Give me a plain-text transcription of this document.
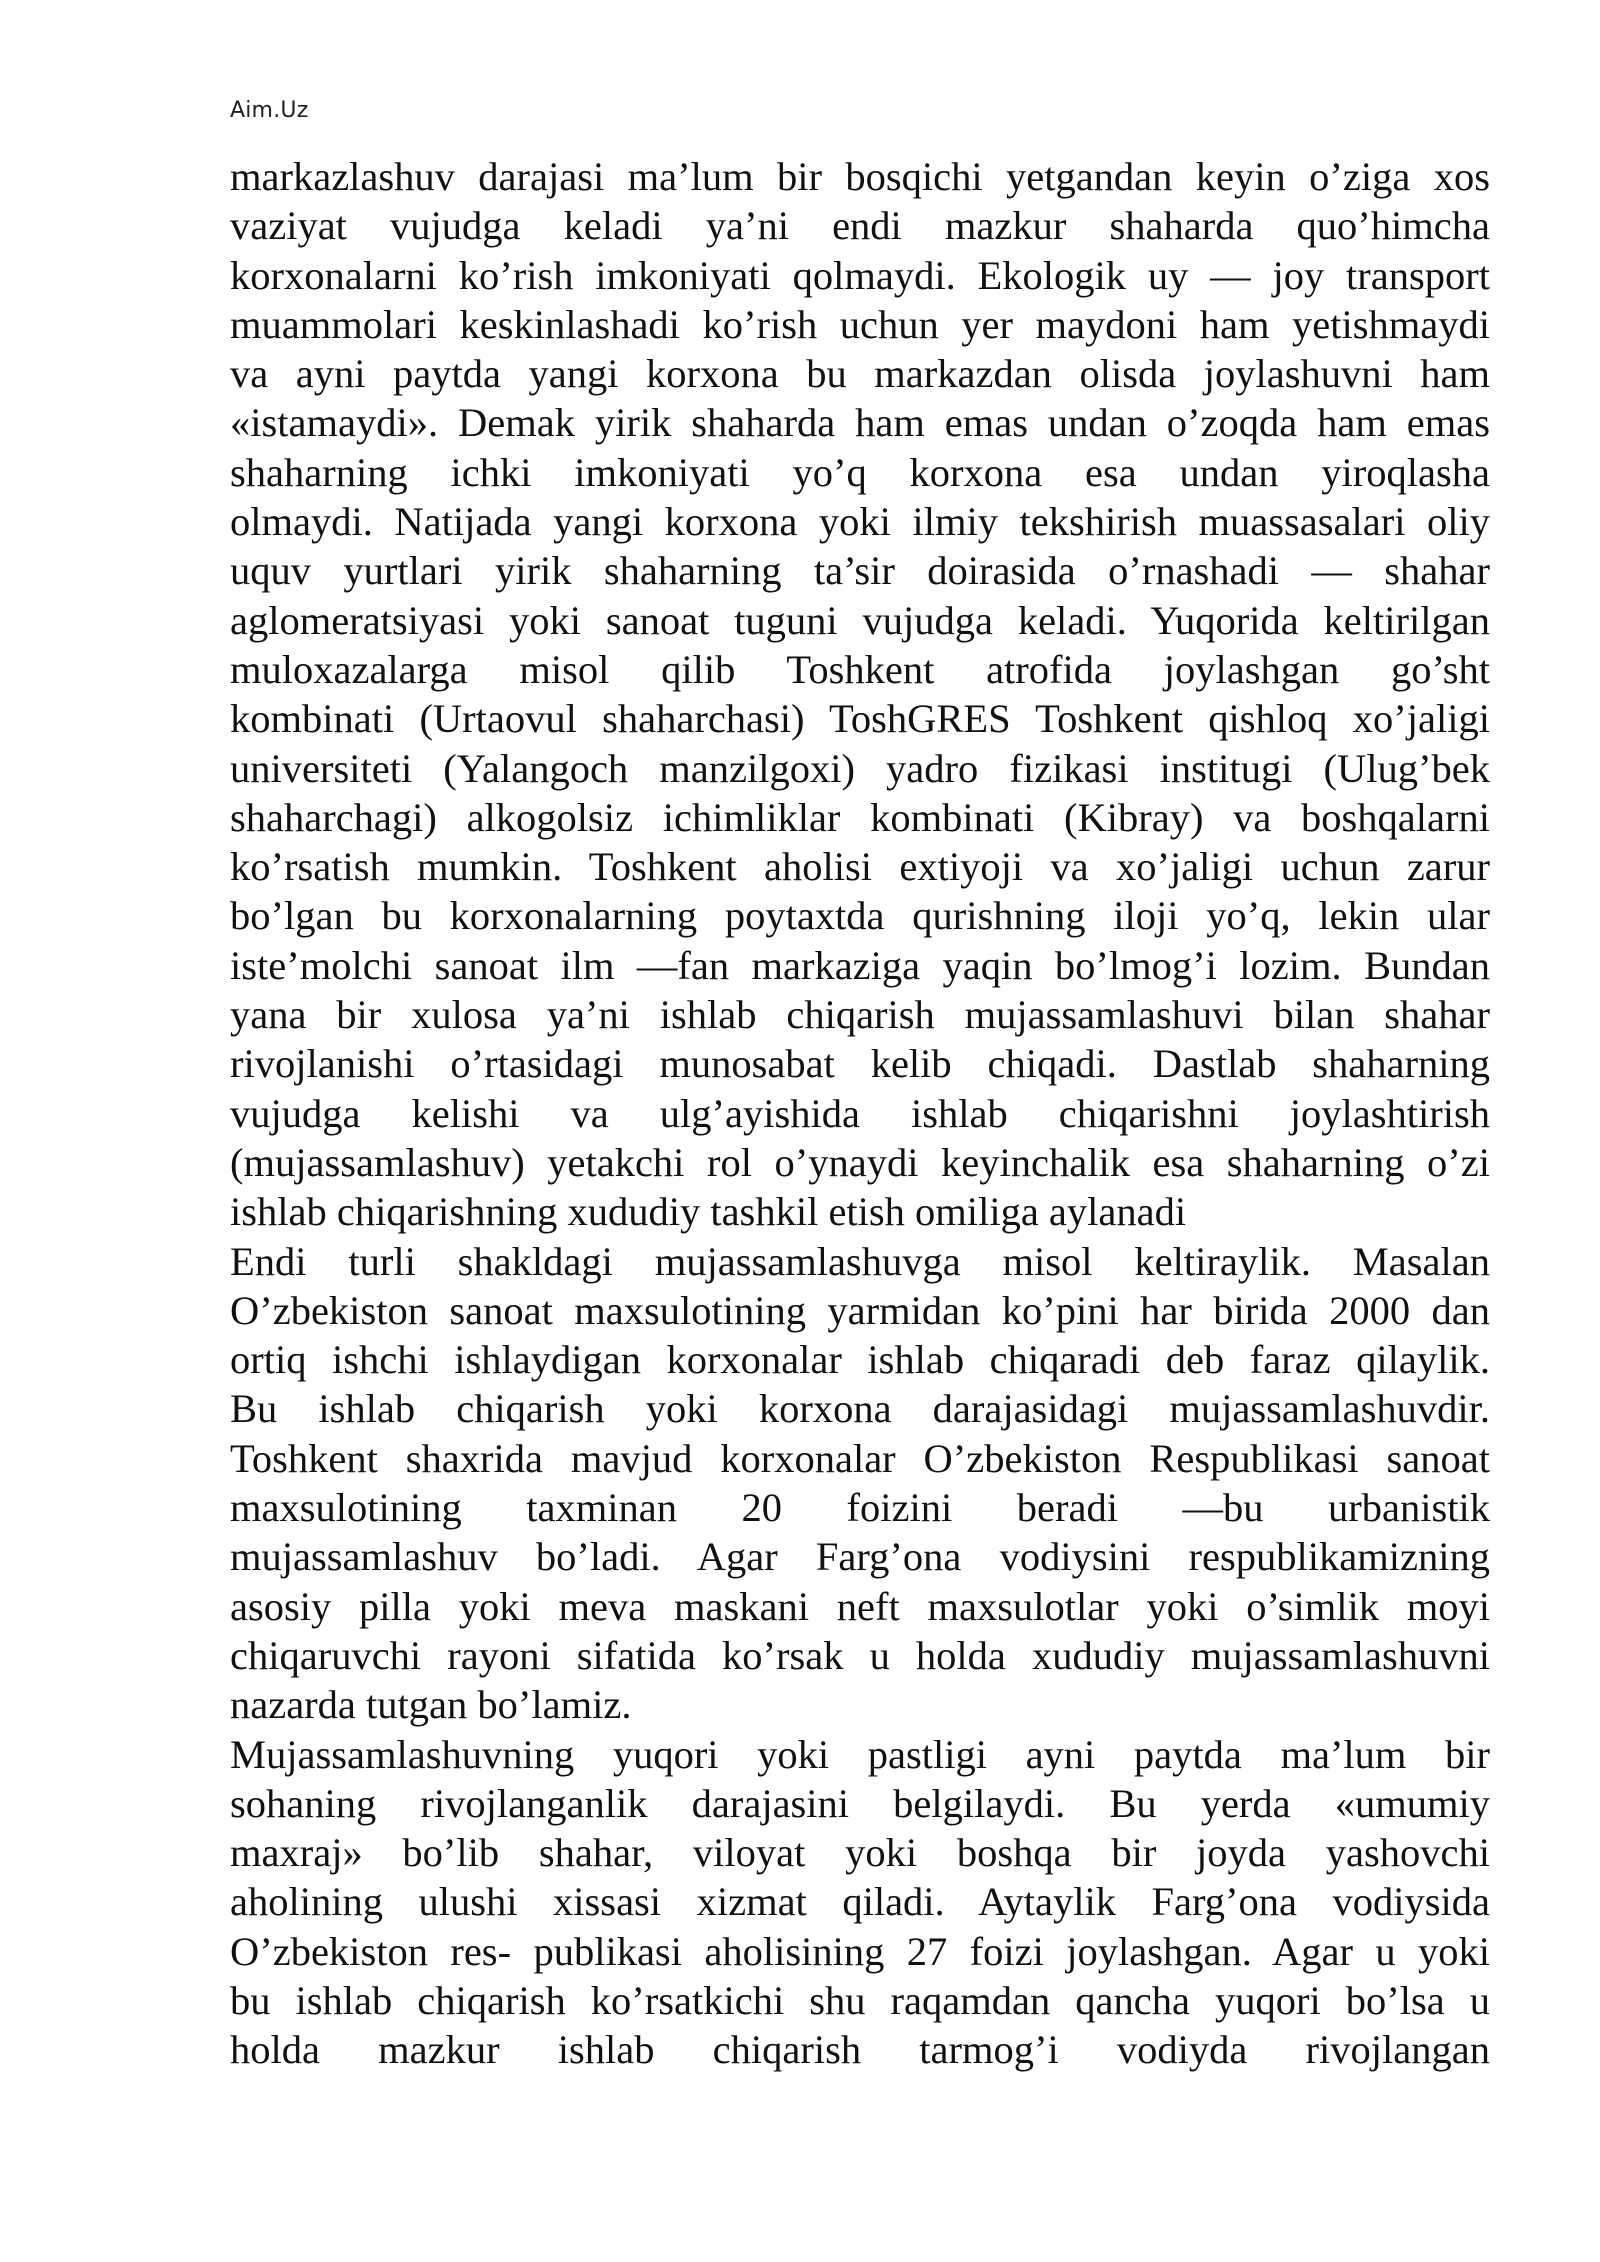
Aim.Uz
markazlashuv darajasi ma’lum bir bosqichi yetgandan keyin o’ziga xos
vaziyat vujudga keladi ya’ni endi mazkur shaharda quo’himcha
korxonalarni ko’rish imkoniyati qolmaydi. Ekologik uy — joy transport
muammolari keskinlashadi ko’rish uchun yer maydoni ham yetishmaydi
va ayni paytda yangi korxona bu markazdan olisda joylashuvni ham
«istamaydi». Demak yirik shaharda ham emas undan o’zoqda ham emas
shaharning ichki imkoniyati yo’q korxona esa undan yiroqlasha
olmaydi. Natijada yangi korxona yoki ilmiy tekshirish muassasalari oliy
uquv yurtlari yirik shaharning ta’sir doirasida o’rnashadi — shahar
aglomeratsiyasi yoki sanoat tuguni vujudga keladi. Yuqorida keltirilgan
muloxazalarga misol qilib Toshkent atrofida joylashgan go’sht
kombinati (Urtaovul shaharchasi) ToshGRES Toshkent qishloq xo’jaligi
universiteti (Yalangoch manzilgoxi) yadro fizikasi institugi (Ulug’bek
shaharchagi) alkogolsiz ichimliklar kombinati (Kibray) va boshqalarni
ko’rsatish mumkin. Toshkent aholisi extiyoji va xo’jaligi uchun zarur
bo’lgan bu korxonalarning poytaxtda qurishning iloji yo’q, lekin ular
iste’molchi sanoat ilm —fan markaziga yaqin bo’lmog’i lozim. Bundan
yana bir xulosa ya’ni ishlab chiqarish mujassamlashuvi bilan shahar
rivojlanishi o’rtasidagi munosabat kelib chiqadi. Dastlab shaharning
vujudga kelishi va ulg’ayishida ishlab chiqarishni joylashtirish
(mujassamlashuv) yetakchi rol o’ynaydi keyinchalik esa shaharning o’zi
ishlab chiqarishning xududiy tashkil etish omiliga aylanadi
Endi turli shakldagi mujassamlashuvga misol keltiraylik. Masalan
O’zbekiston sanoat maxsulotining yarmidan ko’pini har birida 2000 dan
ortiq ishchi ishlaydigan korxonalar ishlab chiqaradi deb faraz qilaylik.
Bu ishlab chiqarish yoki korxona darajasidagi mujassamlashuvdir.
Toshkent shaxrida mavjud korxonalar O’zbekiston Respublikasi sanoat
maxsulotining taxminan 20 foizini beradi —bu urbanistik
mujassamlashuv bo’ladi. Agar Farg’ona vodiysini respublikamizning
asosiy pilla yoki meva maskani neft maxsulotlar yoki o’simlik moyi
chiqaruvchi rayoni sifatida ko’rsak u holda xududiy mujassamlashuvni
nazarda tutgan bo’lamiz.
Mujassamlashuvning yuqori yoki pastligi ayni paytda ma’lum bir
sohaning rivojlanganlik darajasini belgilaydi. Bu yerda «umumiy
maxraj» bo’lib shahar, viloyat yoki boshqa bir joyda yashovchi
aholining ulushi xissasi xizmat qiladi. Aytaylik Farg’ona vodiysida
O’zbekiston res- publikasi aholisining 27 foizi joylashgan. Agar u yoki
bu ishlab chiqarish ko’rsatkichi shu raqamdan qancha yuqori bo’lsa u
holda mazkur ishlab chiqarish tarmog’i vodiyda rivojlangan
